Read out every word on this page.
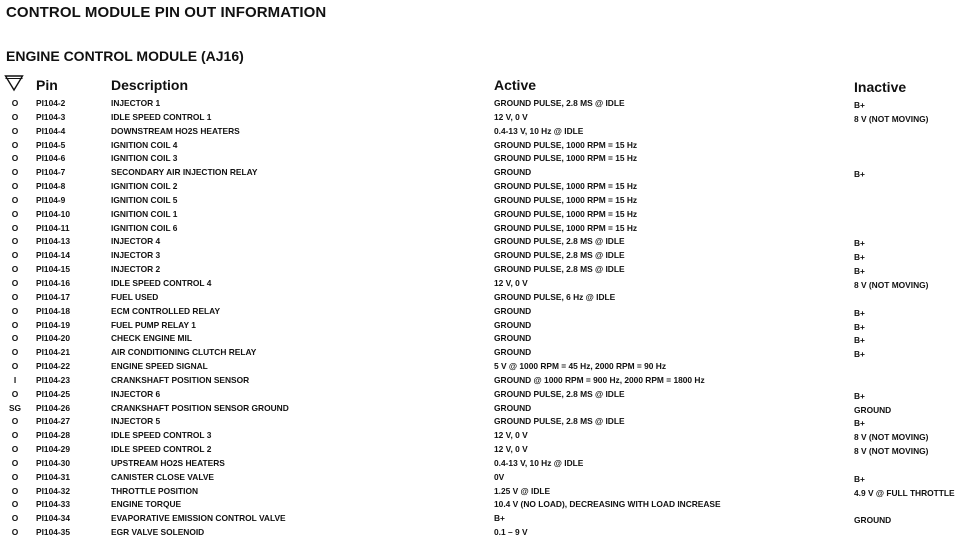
CONTROL MODULE PIN OUT INFORMATION
ENGINE CONTROL MODULE (AJ16)
Pin	Description	Active	Inactive
O	PI104-2	INJECTOR 1	GROUND PULSE, 2.8 MS @ IDLE	B+
O	PI104-3	IDLE SPEED CONTROL 1	12 V, 0 V	8 V (NOT MOVING)
O	PI104-4	DOWNSTREAM HO2S HEATERS	0.4-13 V, 10 Hz @ IDLE
O	PI104-5	IGNITION COIL 4	GROUND PULSE, 1000 RPM = 15 Hz
O	PI104-6	IGNITION COIL 3	GROUND PULSE, 1000 RPM = 15 Hz
O	PI104-7	SECONDARY AIR INJECTION RELAY	GROUND	B+
O	PI104-8	IGNITION COIL 2	GROUND PULSE, 1000 RPM = 15 Hz
O	PI104-9	IGNITION COIL 5	GROUND PULSE, 1000 RPM = 15 Hz
O	PI104-10	IGNITION COIL 1	GROUND PULSE, 1000 RPM = 15 Hz
O	PI104-11	IGNITION COIL 6	GROUND PULSE, 1000 RPM = 15 Hz
O	PI104-13	INJECTOR 4	GROUND PULSE, 2.8 MS @ IDLE	B+
O	PI104-14	INJECTOR 3	GROUND PULSE, 2.8 MS @ IDLE	B+
O	PI104-15	INJECTOR 2	GROUND PULSE, 2.8 MS @ IDLE	B+
O	PI104-16	IDLE SPEED CONTROL 4	12 V, 0 V	8 V (NOT MOVING)
O	PI104-17	FUEL USED	GROUND PULSE, 6 Hz @ IDLE
O	PI104-18	ECM CONTROLLED RELAY	GROUND	B+
O	PI104-19	FUEL PUMP RELAY 1	GROUND	B+
O	PI104-20	CHECK ENGINE MIL	GROUND	B+
O	PI104-21	AIR CONDITIONING CLUTCH RELAY	GROUND	B+
O	PI104-22	ENGINE SPEED SIGNAL	5 V @ 1000 RPM = 45 Hz, 2000 RPM = 90 Hz
I	PI104-23	CRANKSHAFT POSITION SENSOR	GROUND @ 1000 RPM = 900 Hz, 2000 RPM = 1800 Hz
O	PI104-25	INJECTOR 6	GROUND PULSE, 2.8 MS @ IDLE	B+
SG	PI104-26	CRANKSHAFT POSITION SENSOR GROUND	GROUND	GROUND
O	PI104-27	INJECTOR 5	GROUND PULSE, 2.8 MS @ IDLE	B+
O	PI104-28	IDLE SPEED CONTROL 3	12 V, 0 V	8 V (NOT MOVING)
O	PI104-29	IDLE SPEED CONTROL 2	12 V, 0 V	8 V (NOT MOVING)
O	PI104-30	UPSTREAM HO2S HEATERS	0.4-13 V, 10 Hz @ IDLE
O	PI104-31	CANISTER CLOSE VALVE	0V	B+
O	PI104-32	THROTTLE POSITION	1.25 V @ IDLE	4.9 V @ FULL THROTTLE
O	PI104-33	ENGINE TORQUE	10.4 V (NO LOAD), DECREASING WITH LOAD INCREASE
O	PI104-34	EVAPORATIVE EMISSION CONTROL VALVE	B+	GROUND
O	PI104-35	EGR VALVE SOLENOID	0.1 – 9 V
